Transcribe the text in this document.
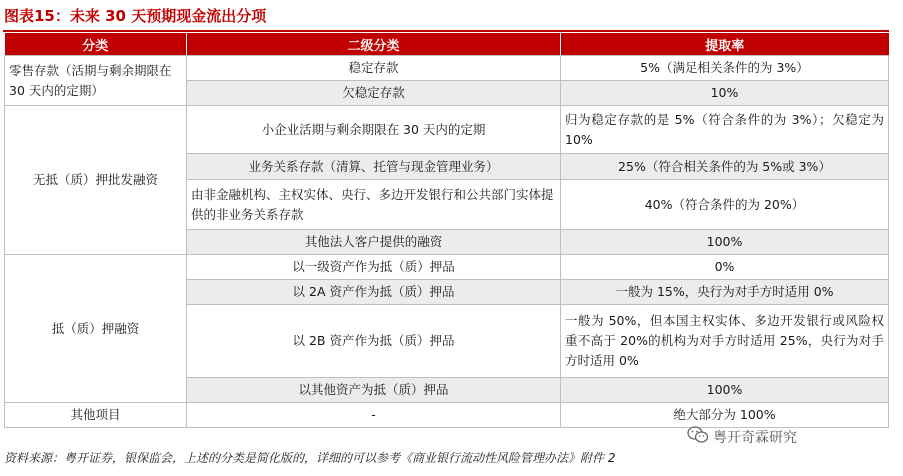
图表15：未来 30 天预期现金流出分项
分类	二级分类	提取率
零售存款（活期与剩余期限在 30 天内的定期）	稳定存款	5%（满足相关条件的为 3%）
	欠稳定存款	10%
无抵（质）押批发融资	小企业活期与剩余期限在 30 天内的定期	归为稳定存款的是 5%（符合条件的为 3%）；欠稳定为 10%
	业务关系存款（清算、托管与现金管理业务）	25%（符合相关条件的为 5%或 3%）
	由非金融机构、主权实体、央行、多边开发银行和公共部门实体提供的非业务关系存款	40%（符合条件的为 20%）
	其他法人客户提供的融资	100%
抵（质）押融资	以一级资产作为抵（质）押品	0%
	以 2A 资产作为抵（质）押品	一般为 15%，央行为对手方时适用 0%
	以 2B 资产作为抵（质）押品	一般为 50%，但本国主权实体、多边开发银行或风险权重不高于 20%的机构为对手方时适用 25%，央行为对手方时适用 0%
	以其他资产为抵（质）押品	100%
其他项目	-	绝大部分为 100%
粤开奇霖研究
资料来源：粤开证券，银保监会，上述的分类是简化版的，详细的可以参考《商业银行流动性风险管理办法》附件 2
